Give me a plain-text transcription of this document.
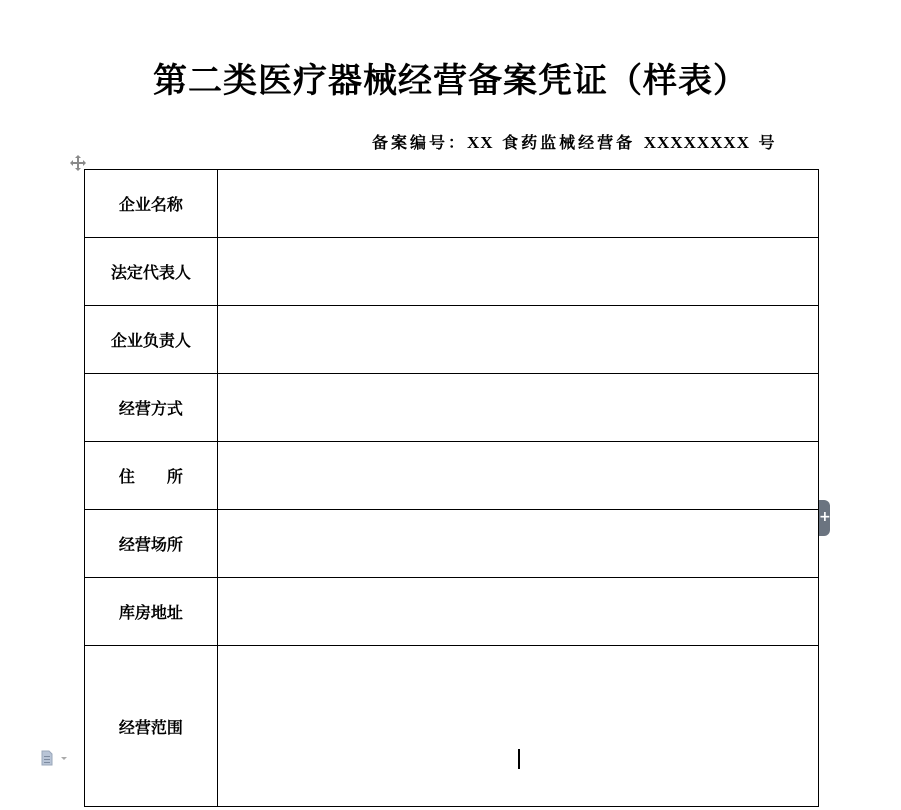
第二类医疗器械经营备案凭证（样表）
备案编号：XX 食药监械经营备 XXXXXXXX 号
企业名称	
法定代表人	
企业负责人	
经营方式	
住　　所	
经营场所	
库房地址	
经营范围	
+
